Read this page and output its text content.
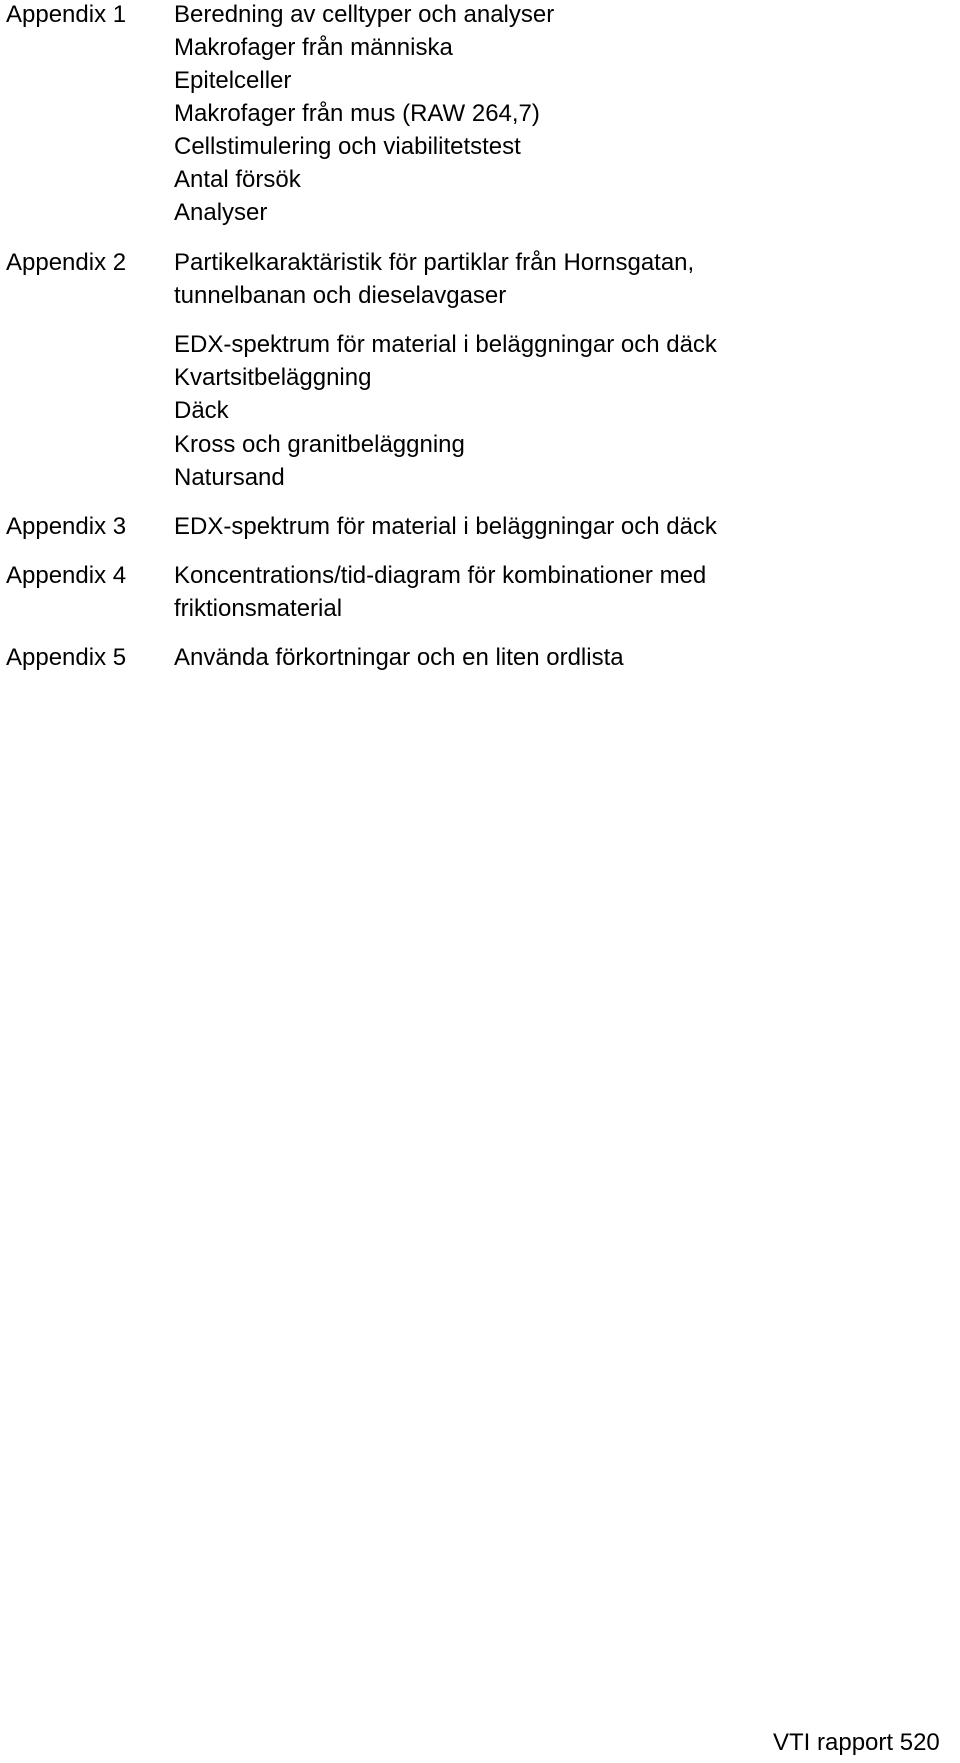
Appendix 1 Beredning av celltyper och analyser
Makrofager från människa
Epitelceller
Makrofager från mus (RAW 264,7)
Cellstimulering och viabilitetstest
Antal försök
Analyser
Appendix 2 Partikelkaraktäristik för partiklar från Hornsgatan,
tunnelbanan och dieselavgaser
EDX-spektrum för material i beläggningar och däck
Kvartsitbeläggning
Däck
Kross och granitbeläggning
Natursand
Appendix 3 EDX-spektrum för material i beläggningar och däck
Appendix 4 Koncentrations/tid-diagram för kombinationer med
friktionsmaterial
Appendix 5 Använda förkortningar och en liten ordlista
VTI rapport 520
